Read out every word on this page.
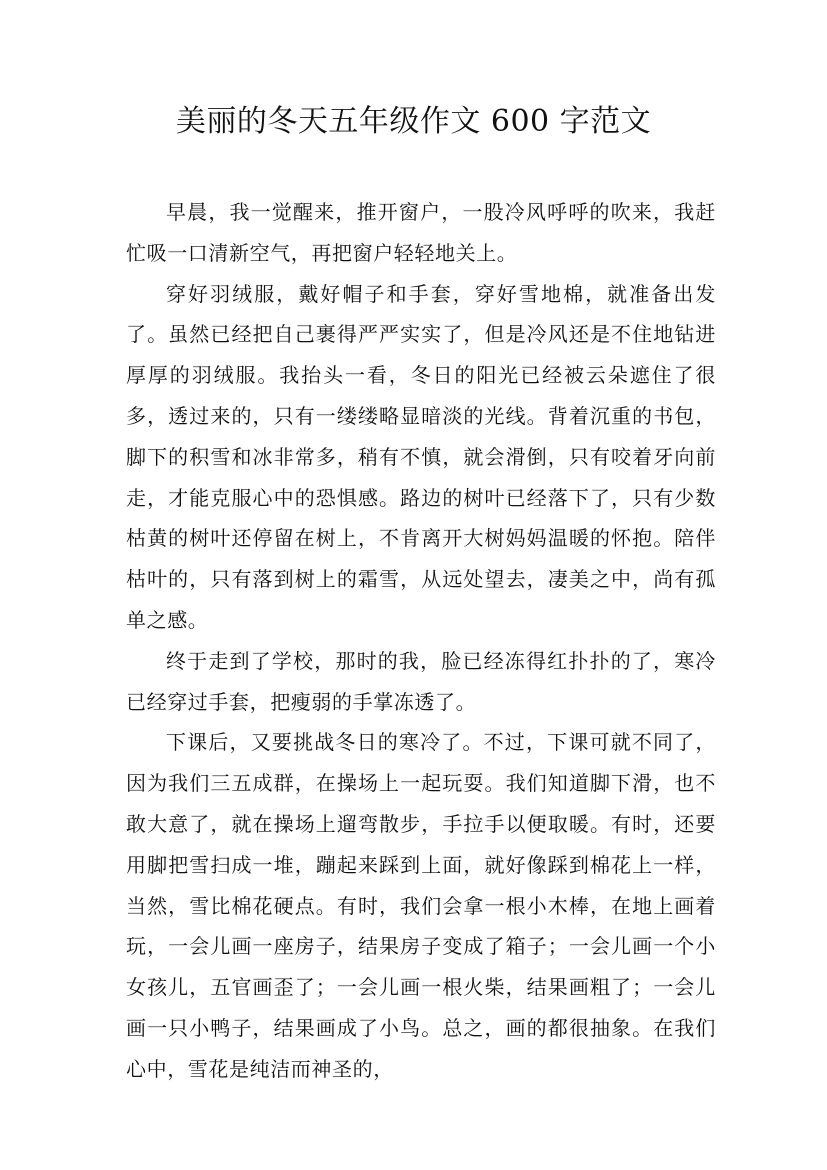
美丽的冬天五年级作文 600 字范文

早晨，我一觉醒来，推开窗户，一股冷风呼呼的吹来，我赶忙吸一口清新空气，再把窗户轻轻地关上。

穿好羽绒服，戴好帽子和手套，穿好雪地棉，就准备出发了。虽然已经把自己裹得严严实实了，但是冷风还是不住地钻进厚厚的羽绒服。我抬头一看，冬日的阳光已经被云朵遮住了很多，透过来的，只有一缕缕略显暗淡的光线。背着沉重的书包，脚下的积雪和冰非常多，稍有不慎，就会滑倒，只有咬着牙向前走，才能克服心中的恐惧感。路边的树叶已经落下了，只有少数枯黄的树叶还停留在树上，不肯离开大树妈妈温暖的怀抱。陪伴枯叶的，只有落到树上的霜雪，从远处望去，凄美之中，尚有孤单之感。

终于走到了学校，那时的我，脸已经冻得红扑扑的了，寒冷已经穿过手套，把瘦弱的手掌冻透了。

下课后，又要挑战冬日的寒冷了。不过，下课可就不同了，因为我们三五成群，在操场上一起玩耍。我们知道脚下滑，也不敢大意了，就在操场上遛弯散步，手拉手以便取暖。有时，还要用脚把雪扫成一堆，蹦起来踩到上面，就好像踩到棉花上一样，当然，雪比棉花硬点。有时，我们会拿一根小木棒，在地上画着玩，一会儿画一座房子，结果房子变成了箱子；一会儿画一个小女孩儿，五官画歪了；一会儿画一根火柴，结果画粗了；一会儿画一只小鸭子，结果画成了小鸟。总之，画的都很抽象。在我们心中，雪花是纯洁而神圣的，
